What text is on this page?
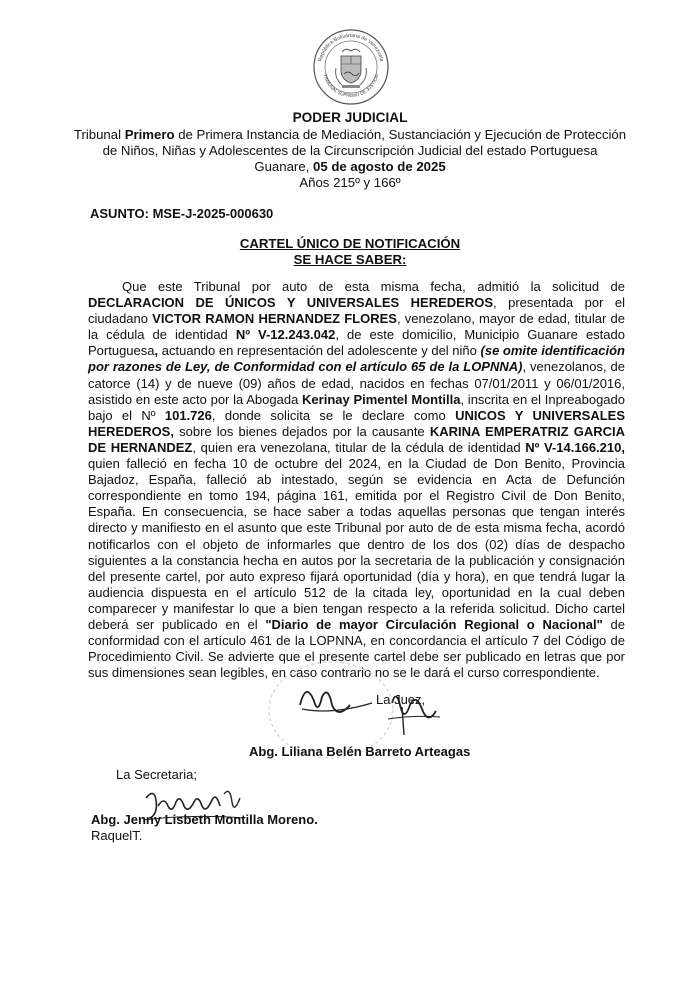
República Bolivariana de Venezuela
TRIBUNAL SUPREMO DE JUSTICIA
PODER JUDICIAL
Tribunal Primero de Primera Instancia de Mediación, Sustanciación y Ejecución de Protección
de Niños, Niñas y Adolescentes de la Circunscripción Judicial del estado Portuguesa
Guanare, 05 de agosto de 2025
Años 215º y 166º
ASUNTO: MSE-J-2025-000630
CARTEL ÚNICO DE NOTIFICACIÓN
SE HACE SABER:

Que este Tribunal por auto de esta misma fecha, admitió la solicitud de DECLARACION DE ÚNICOS Y UNIVERSALES HEREDEROS, presentada por el ciudadano VICTOR RAMON HERNANDEZ FLORES, venezolano, mayor de edad, titular de la cédula de identidad Nº V-12.243.042, de este domicilio, Municipio Guanare estado Portuguesa, actuando en representación del adolescente y del niño (se omite identificación por razones de Ley, de Conformidad con el artículo 65 de la LOPNNA), venezolanos, de catorce (14) y de nueve (09) años de edad, nacidos en fechas 07/01/2011 y 06/01/2016, asistido en este acto por la Abogada Kerinay Pimentel Montilla, inscrita en el Inpreabogado bajo el Nº 101.726, donde solicita se le declare como UNICOS Y UNIVERSALES HEREDEROS, sobre los bienes dejados por la causante KARINA EMPERATRIZ GARCIA DE HERNANDEZ, quien era venezolana, titular de la cédula de identidad Nº V-14.166.210, quien falleció en fecha 10 de octubre del 2024, en la Ciudad de Don Benito, Provincia Bajadoz, España, falleció ab intestado, según se evidencia en Acta de Defunción correspondiente en tomo 194, página 161, emitida por el Registro Civil de Don Benito, España. En consecuencia, se hace saber a todas aquellas personas que tengan interés directo y manifiesto en el asunto que este Tribunal por auto de de esta misma fecha, acordó notificarlos con el objeto de informarles que dentro de los dos (02) días de despacho siguientes a la constancia hecha en autos por la secretaria de la publicación y consignación del presente cartel, por auto expreso fijará oportunidad (día y hora), en que tendrá lugar la audiencia dispuesta en el artículo 512 de la citada ley, oportunidad en la cual deben comparecer y manifestar lo que a bien tengan respecto a la referida solicitud. Dicho cartel deberá ser publicado en el "Diario de mayor Circulación Regional o Nacional" de conformidad con el artículo 461 de la LOPNNA, en concordancia el artículo 7 del Código de Procedimiento Civil. Se advierte que el presente cartel debe ser publicado en letras que por sus dimensiones sean legibles, en caso contrario no se le dará el curso correspondiente.

La Juez,
Abg. Liliana Belén Barreto Arteagas
La Secretaria;
Abg. Jenny Lisbeth Montilla Moreno.
RaquelT.
